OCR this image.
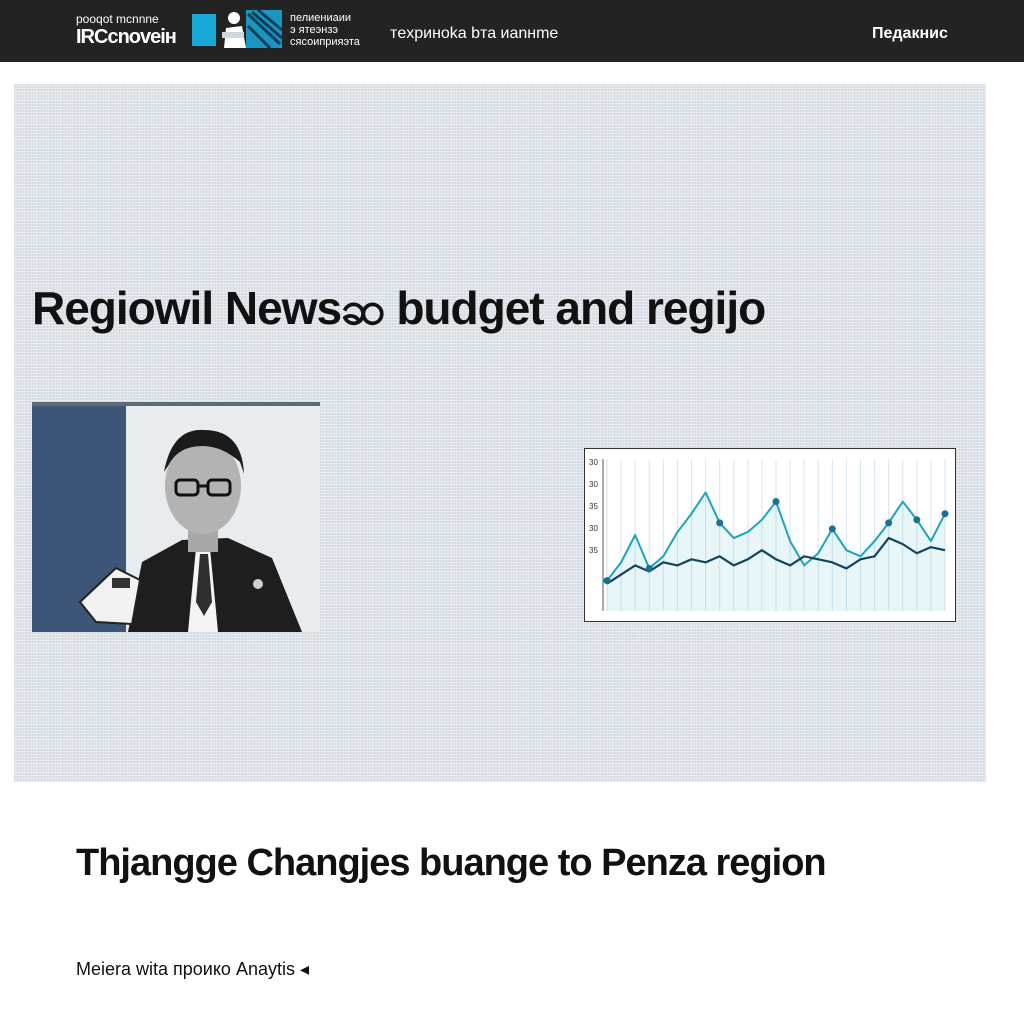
pooqot mcnnne
IRCcnoveiн
пелиениаии
э ятеэнзэ
сясоиприяэта	тexpинokа bта иanнme	Педакнис
Regiowil Newsဆ budget and reɡijo
30
30
35
30
35
Thjangge Changjes buange to Penza region
Meiera wita проико Anaytis ◂
